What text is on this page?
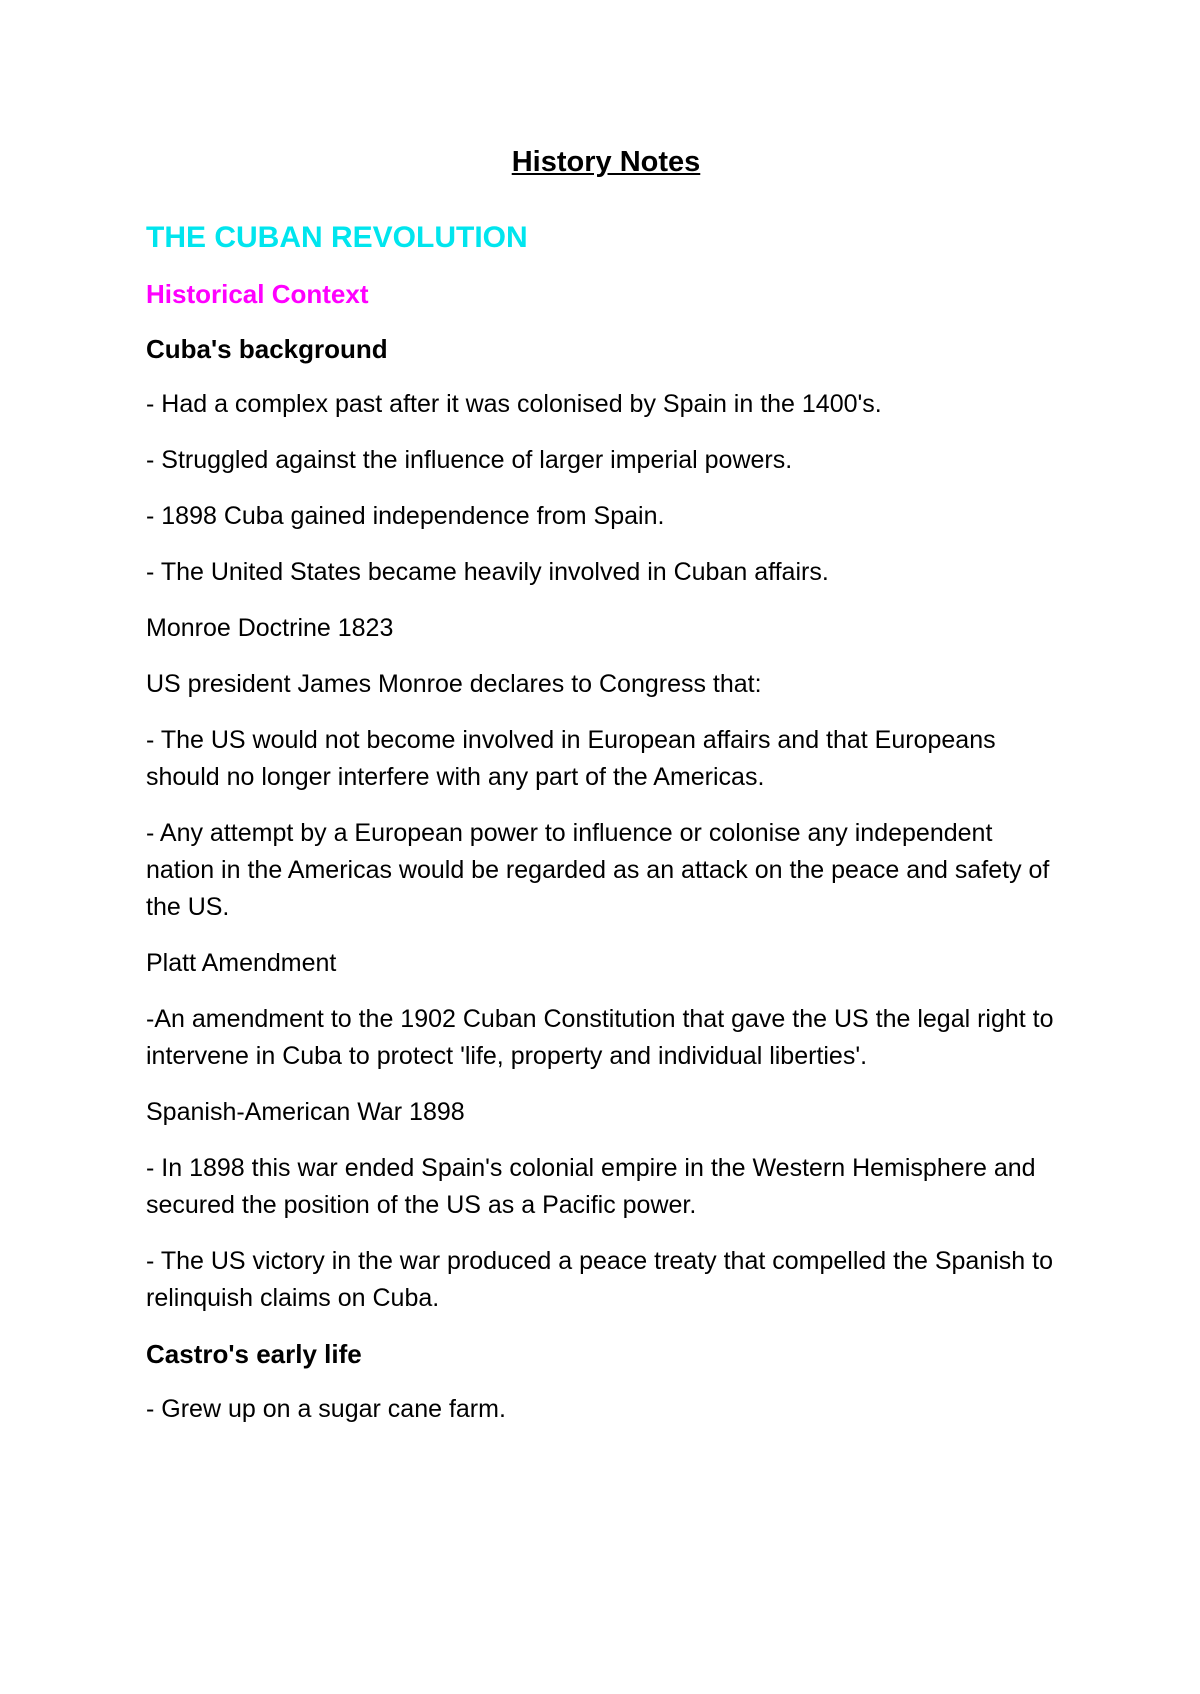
History Notes

THE CUBAN REVOLUTION

Historical Context

Cuba's background

- Had a complex past after it was colonised by Spain in the 1400's.

- Struggled against the influence of larger imperial powers.

- 1898 Cuba gained independence from Spain.

- The United States became heavily involved in Cuban affairs.

Monroe Doctrine 1823

US president James Monroe declares to Congress that:

- The US would not become involved in European affairs and that Europeans should no longer interfere with any part of the Americas.

- Any attempt by a European power to influence or colonise any independent nation in the Americas would be regarded as an attack on the peace and safety of the US.

Platt Amendment

-An amendment to the 1902 Cuban Constitution that gave the US the legal right to intervene in Cuba to protect 'life, property and individual liberties'.

Spanish-American War 1898

- In 1898 this war ended Spain's colonial empire in the Western Hemisphere and secured the position of the US as a Pacific power.

- The US victory in the war produced a peace treaty that compelled the Spanish to relinquish claims on Cuba.

Castro's early life

- Grew up on a sugar cane farm.
